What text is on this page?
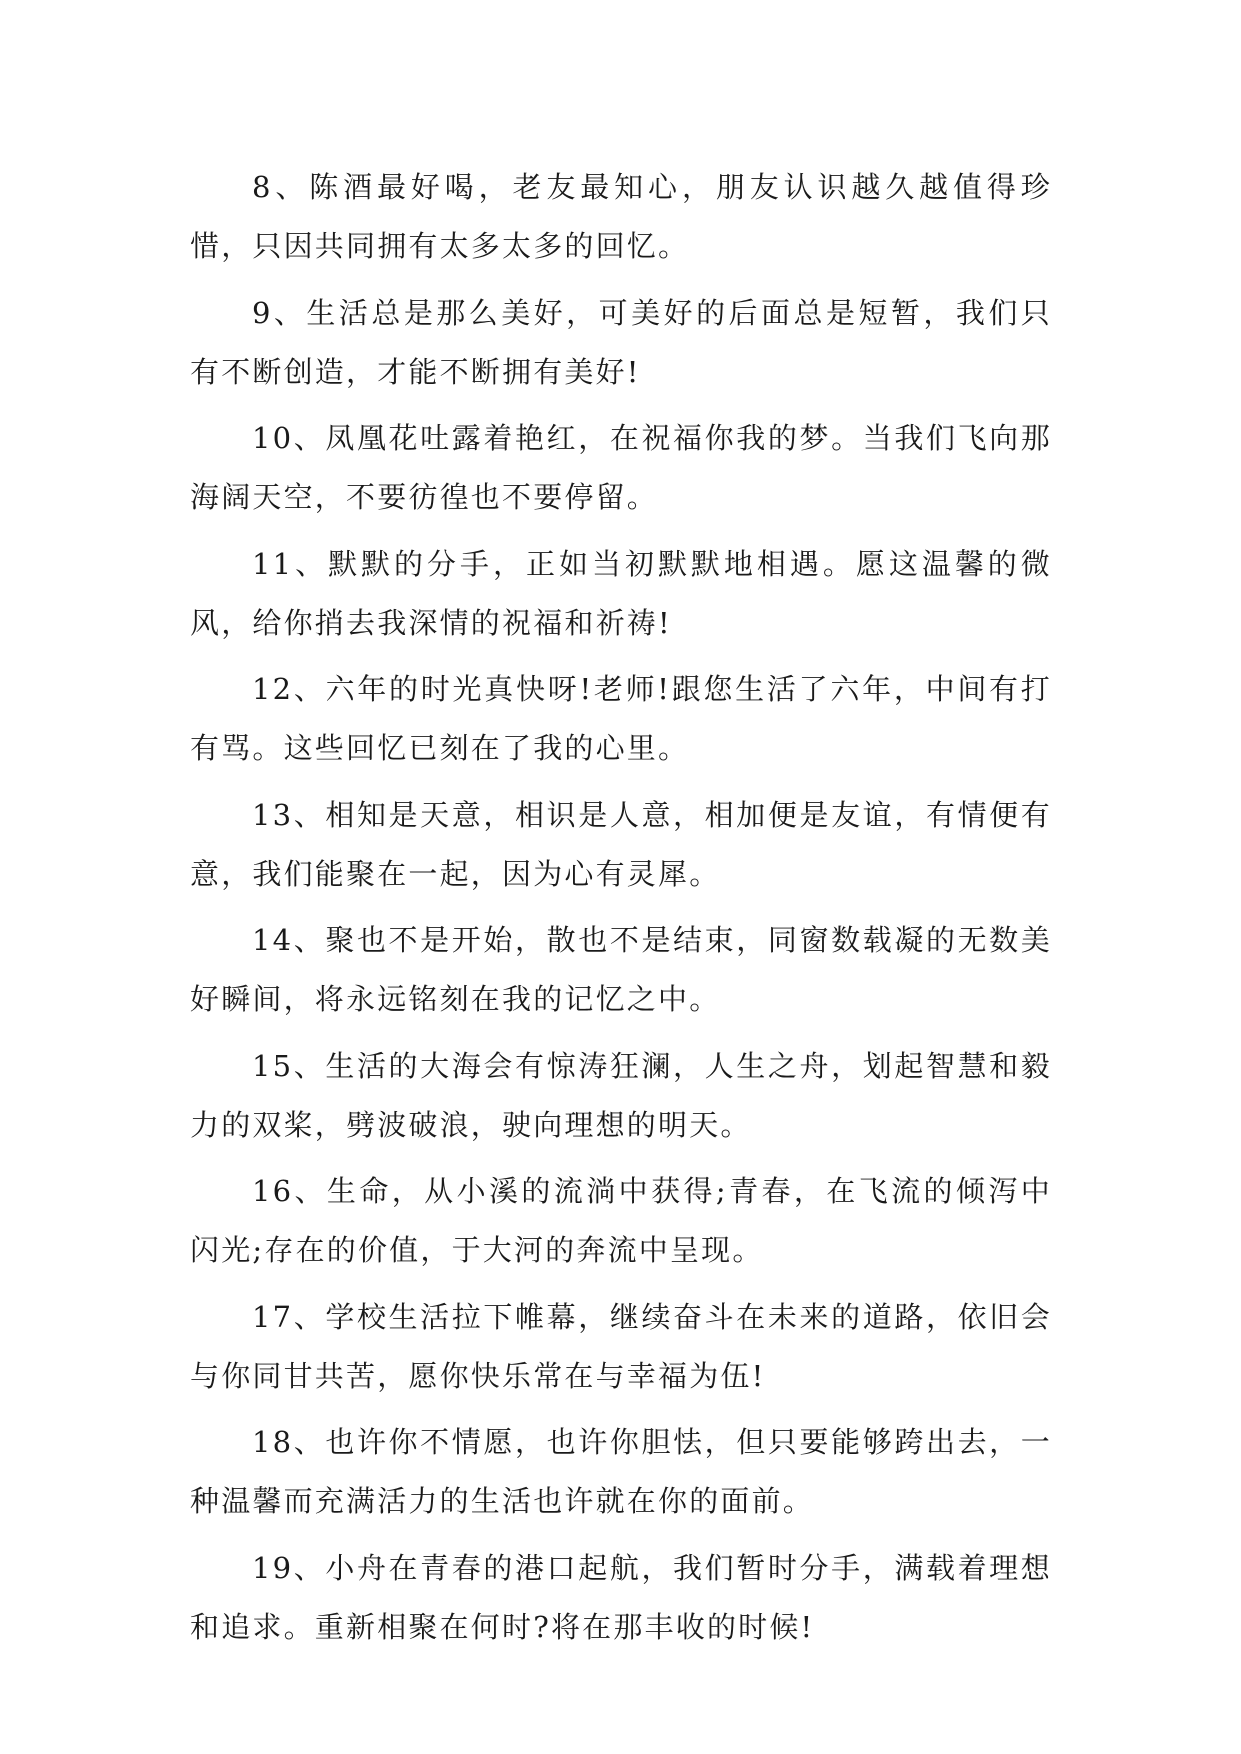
8、陈酒最好喝，老友最知心，朋友认识越久越值得珍惜，只因共同拥有太多太多的回忆。

9、生活总是那么美好，可美好的后面总是短暂，我们只有不断创造，才能不断拥有美好!

10、凤凰花吐露着艳红，在祝福你我的梦。当我们飞向那海阔天空，不要彷徨也不要停留。

11、默默的分手，正如当初默默地相遇。愿这温馨的微风，给你捎去我深情的祝福和祈祷!

12、六年的时光真快呀!老师!跟您生活了六年，中间有打有骂。这些回忆已刻在了我的心里。

13、相知是天意，相识是人意，相加便是友谊，有情便有意，我们能聚在一起，因为心有灵犀。

14、聚也不是开始，散也不是结束，同窗数载凝的无数美好瞬间，将永远铭刻在我的记忆之中。

15、生活的大海会有惊涛狂澜，人生之舟，划起智慧和毅力的双桨，劈波破浪，驶向理想的明天。

16、生命，从小溪的流淌中获得;青春，在飞流的倾泻中闪光;存在的价值，于大河的奔流中呈现。

17、学校生活拉下帷幕，继续奋斗在未来的道路，依旧会与你同甘共苦，愿你快乐常在与幸福为伍!

18、也许你不情愿，也许你胆怯，但只要能够跨出去，一种温馨而充满活力的生活也许就在你的面前。

19、小舟在青春的港口起航，我们暂时分手，满载着理想和追求。重新相聚在何时?将在那丰收的时候!
